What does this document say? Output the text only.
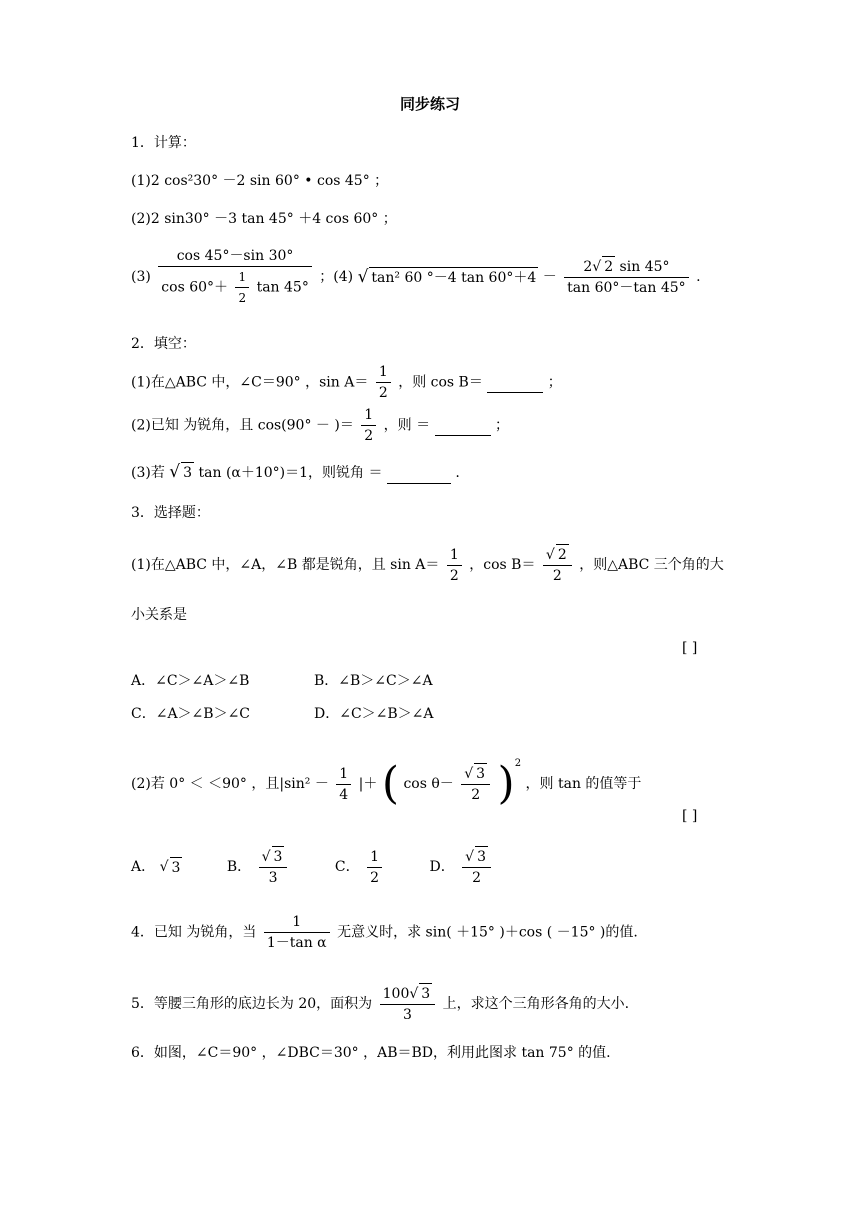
同步练习
1．计算：
(1)2 cos²30° －2 sin 60° • cos 45° ；
(2)2 sin30° －3 tan 45° ＋4 cos 60° ；
$(3) \frac{\cos 45^\circ-\sin 30^\circ}{\cos 60^\circ+ \frac{1}{2} \tan 45^\circ}$ ；(4) √ tan² 60 °－4 $\tan 60^\circ+4 - \frac{2√ 2 \sin 45^\circ}{\tan 60^\circ-\tan 45^\circ}$ .
2．填空：
(1)在△ABC 中，∠C＝90° ，$\sin A= \frac{1}{2}$ ，则 cos B＝	；
(2)已知 为锐角，且 cos(90° － )＝ $\frac{1}{2}$ ，则 ＝	；
(3)若 √ 3 tan (α＋10°)＝1，则锐角 ＝	.
3．选择题：
(1)在△ABC 中，∠A，∠B 都是锐角，且 $\sin A= \frac{1}{2}$ ，$\cos B= \frac{√ 2}{2}$ ，则△ABC 三个角的大
小关系是
[ ]
A．∠C＞∠A＞∠B	B．∠B＞∠C＞∠A
C．∠A＞∠B＞∠C	D．∠C＞∠B＞∠A
(2)若 0° ＜ ＜90° ，且$|\sin^2 - \frac{1}{4}$ |＋ ( $\cos \theta- \frac{√ 3}{2} )^2$ ，则 tan 的值等于
[ ]
A． √ 3	B． $\frac{√ 3}{3}$	C． $\frac{1}{2}$	D． $\frac{√ 3}{2}$
4．已知 为锐角，当 $\frac{1}{\text{1－tan α}}$ 无意义时，求 sin( ＋15° )＋cos ( －15° )的值.
5．等腰三角形的底边长为 20，面积为 $\frac{100√ 3}{3}$ 上，求这个三角形各角的大小.
6．如图，∠C＝90° ，∠DBC＝30° ，AB＝BD，利用此图求 tan 75° 的值.
